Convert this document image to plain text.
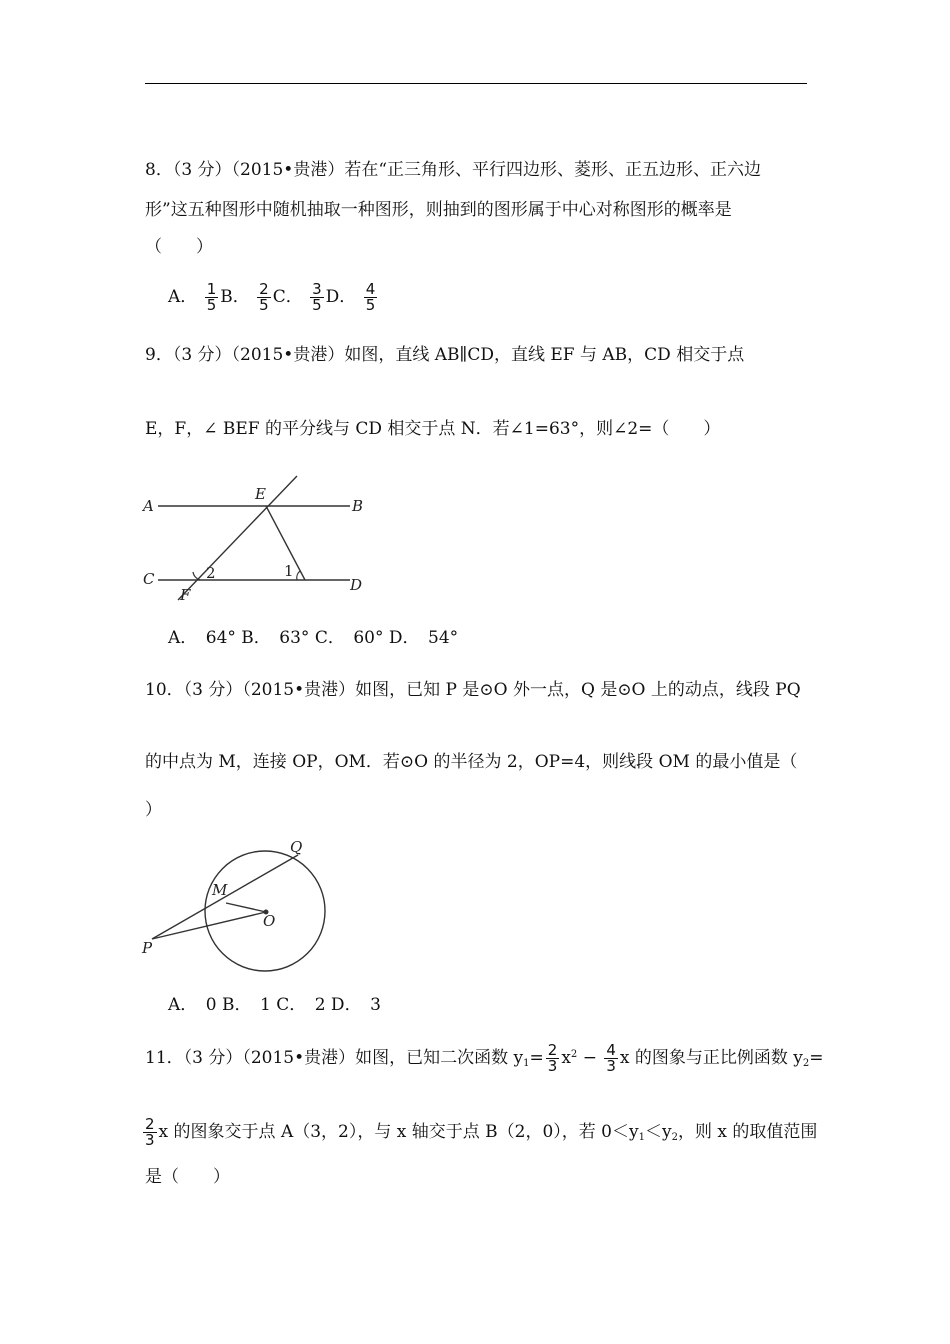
8．（3 分）（2015•贵港）若在“正三角形、平行四边形、菱形、正五边形、正六边
形”这五种图形中随机抽取一种图形，则抽到的图形属于中心对称图形的概率是
（　　）
A． $\frac{1}{5}$ B． $\frac{2}{5}$ C． $\frac{3}{5}$ D． $\frac{4}{5}$
9．（3 分）（2015•贵港）如图，直线 AB∥CD，直线 EF 与 AB，CD 相交于点
E，F，∠ BEF 的平分线与 CD 相交于点 N．若∠1=63°，则∠2=（　　）
A
E
B
C	D
F
2	1
A．　64° B．　63° C．　60° D．　54°
10．（3 分）（2015•贵港）如图，已知 P 是⊙O 外一点，Q 是⊙O 上的动点，线段 PQ
的中点为 M，连接 OP，OM．若⊙O 的半径为 2，OP=4，则线段 OM 的最小值是（
）
Q
M
O
P
A．　0 B．　1 C．　2 D．　3
11．（3 分）（2015•贵港）如图，已知二次函数 $y_1= \frac{2}{3} x^2 - \frac{4}{3}$ x 的图象与正比例函数 $y_2=$
$\frac{2}{3}$ x 的图象交于点 A（3，2），与 x 轴交于点 B（2，0），若 $0<y_1<y_2$，则 x 的取值范围
是（　　）
